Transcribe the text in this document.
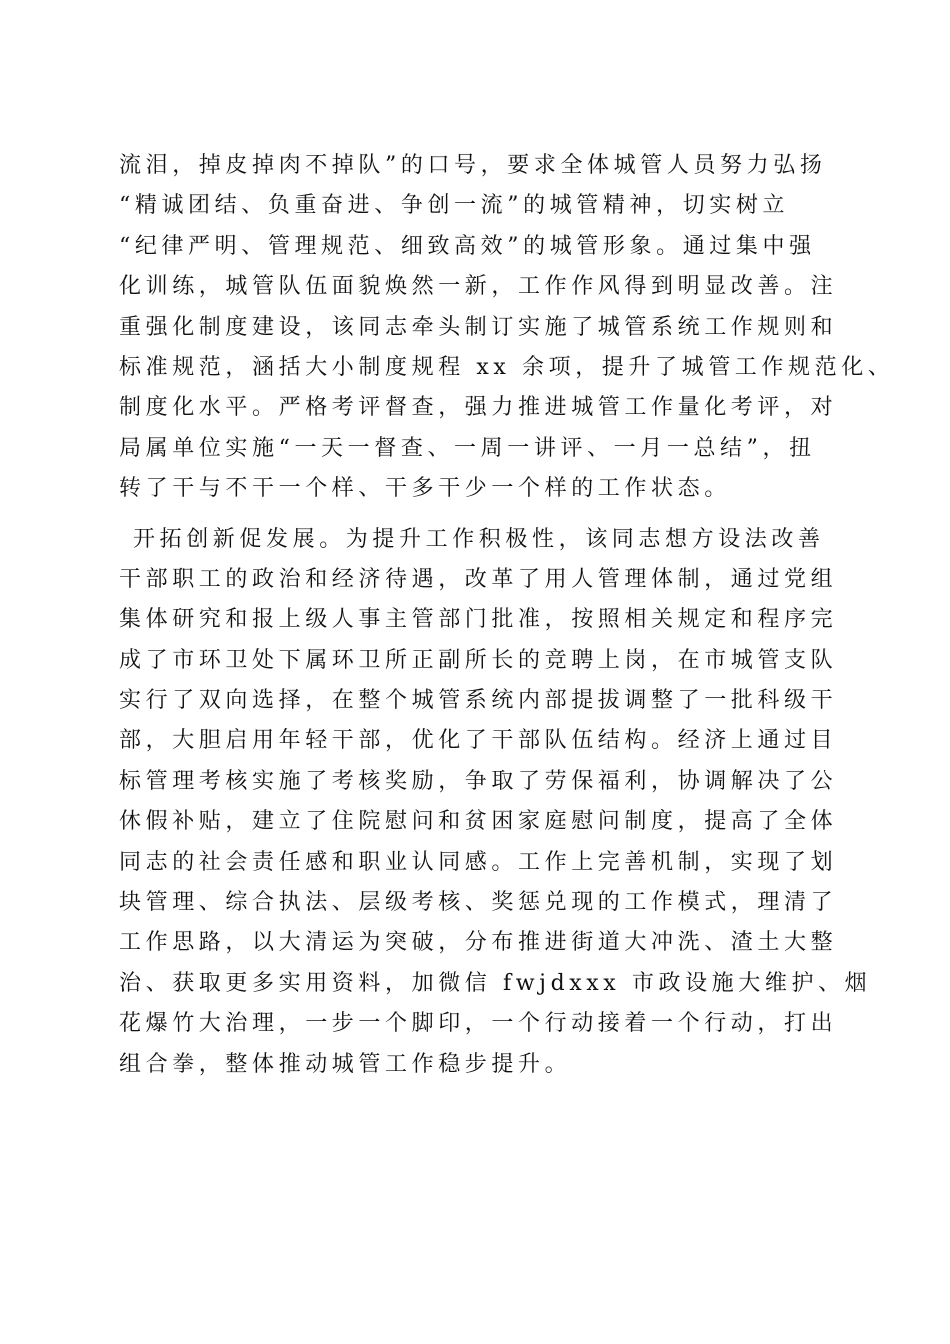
流泪，掉皮掉肉不掉队”的口号，要求全体城管人员努力弘扬
“精诚团结、负重奋进、争创一流”的城管精神，切实树立
“纪律严明、管理规范、细致高效”的城管形象。通过集中强
化训练，城管队伍面貌焕然一新，工作作风得到明显改善。注
重强化制度建设，该同志牵头制订实施了城管系统工作规则和
标准规范，涵括大小制度规程 xx 余项，提升了城管工作规范化、
制度化水平。严格考评督查，强力推进城管工作量化考评，对
局属单位实施“一天一督查、一周一讲评、一月一总结”，扭
转了干与不干一个样、干多干少一个样的工作状态。
开拓创新促发展。为提升工作积极性，该同志想方设法改善
干部职工的政治和经济待遇，改革了用人管理体制，通过党组
集体研究和报上级人事主管部门批准，按照相关规定和程序完
成了市环卫处下属环卫所正副所长的竞聘上岗，在市城管支队
实行了双向选择，在整个城管系统内部提拔调整了一批科级干
部，大胆启用年轻干部，优化了干部队伍结构。经济上通过目
标管理考核实施了考核奖励，争取了劳保福利，协调解决了公
休假补贴，建立了住院慰问和贫困家庭慰问制度，提高了全体
同志的社会责任感和职业认同感。工作上完善机制，实现了划
块管理、综合执法、层级考核、奖惩兑现的工作模式，理清了
工作思路，以大清运为突破，分布推进街道大冲洗、渣土大整
治、获取更多实用资料，加微信 fwjdxxx 市政设施大维护、烟
花爆竹大治理，一步一个脚印，一个行动接着一个行动，打出
组合拳，整体推动城管工作稳步提升。
